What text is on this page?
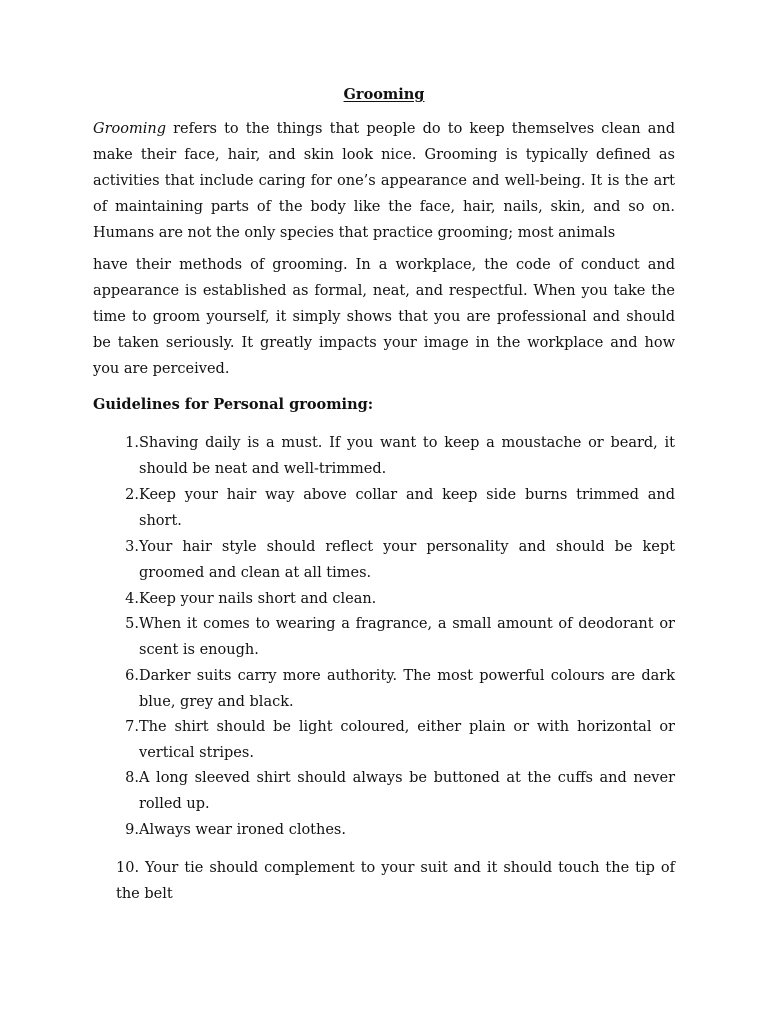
Grooming

Grooming refers to the things that people do to keep themselves clean and make their face, hair, and skin look nice. Grooming is typically defined as activities that include caring for one’s appearance and well-being. It is the art of maintaining parts of the body like the face, hair, nails, skin, and so on. Humans are not the only species that practice grooming; most animals
have their methods of grooming. In a workplace, the code of conduct and appearance is established as formal, neat, and respectful. When you take the time to groom yourself, it simply shows that you are professional and should be taken seriously. It greatly impacts your image in the workplace and how you are perceived.

Guidelines for Personal grooming:
1. Shaving daily is a must. If you want to keep a moustache or beard, it should be neat and well-trimmed.
2. Keep your hair way above collar and keep side burns trimmed and short.
3. Your hair style should reflect your personality and should be kept groomed and clean at all times.
4. Keep your nails short and clean.
5. When it comes to wearing a fragrance, a small amount of deodorant or scent is enough.
6. Darker suits carry more authority. The most powerful colours are dark blue, grey and black.
7. The shirt should be light coloured, either plain or with horizontal or vertical stripes.
8. A long sleeved shirt should always be buttoned at the cuffs and never rolled up.
9. Always wear ironed clothes.
10. Your tie should complement to your suit and it should touch the tip of the belt
